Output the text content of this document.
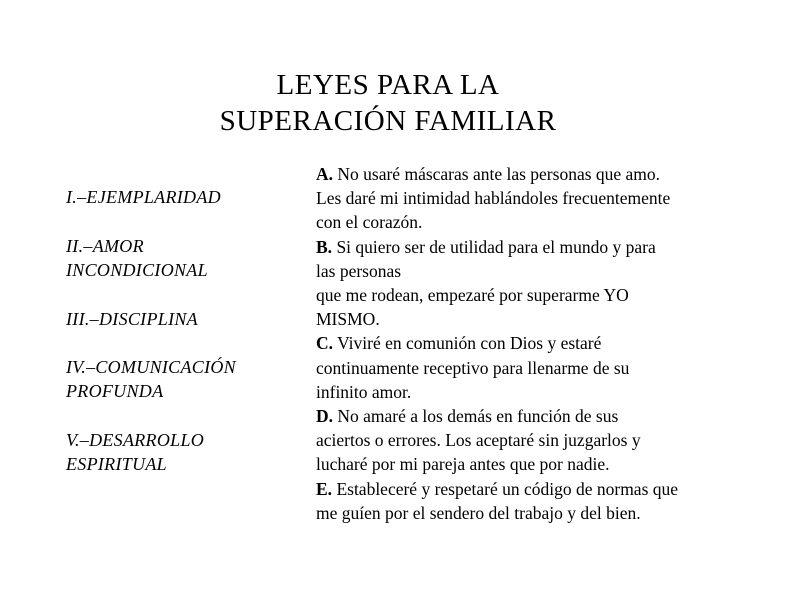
LEYES PARA LA
SUPERACIÓN FAMILIAR
I.–EJEMPLARIDAD
II.–AMOR
INCONDICIONAL
III.–DISCIPLINA
IV.–COMUNICACIÓN
PROFUNDA
V.–DESARROLLO
ESPIRITUAL
A. No usaré máscaras ante las personas que amo.
Les daré mi intimidad hablándoles frecuentemente
con el corazón.
B. Si quiero ser de utilidad para el mundo y para
las personas
que me rodean, empezaré por superarme YO
MISMO.
C. Viviré en comunión con Dios y estaré
continuamente receptivo para llenarme de su
infinito amor.
D. No amaré a los demás en función de sus
aciertos o errores. Los aceptaré sin juzgarlos y
lucharé por mi pareja antes que por nadie.
E. Estableceré y respetaré un código de normas que
me guíen por el sendero del trabajo y del bien.
